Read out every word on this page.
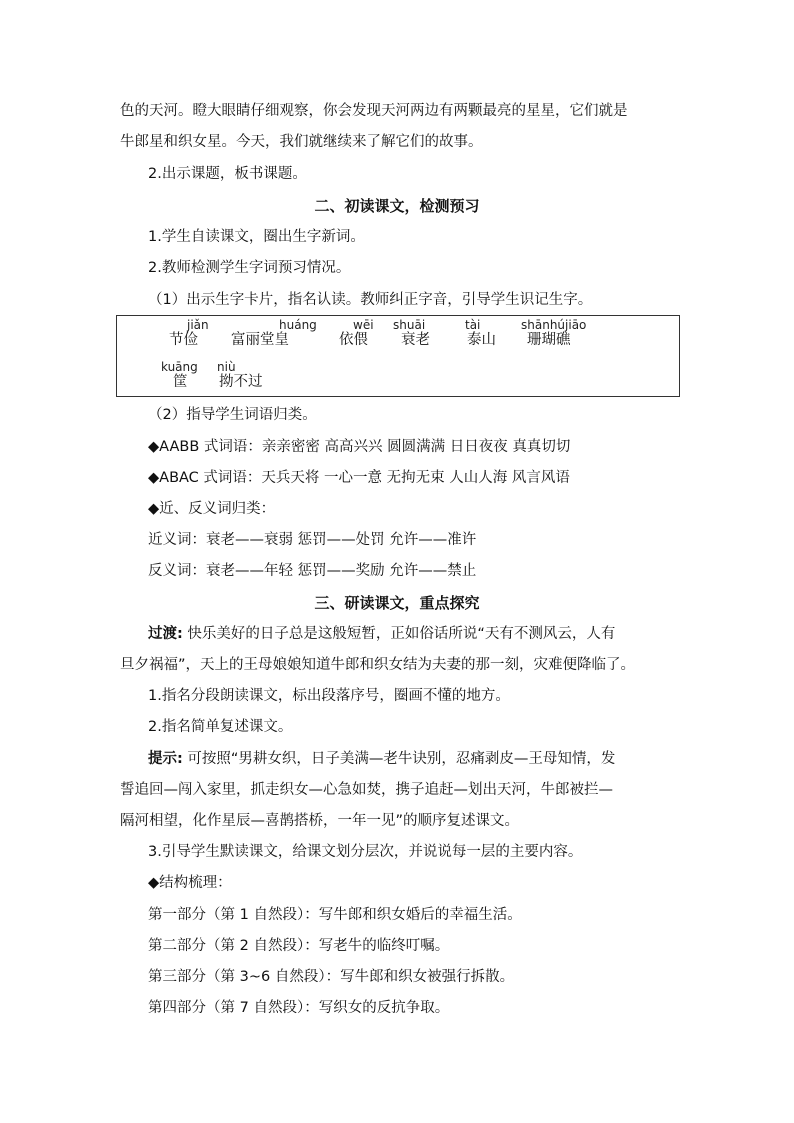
色的天河。瞪大眼睛仔细观察，你会发现天河两边有两颗最亮的星星，它们就是
牛郎星和织女星。今天，我们就继续来了解它们的故事。
2.出示课题，板书课题。
二、初读课文，检测预习
1.学生自读课文，圈出生字新词。
2.教师检测学生字词预习情况。
（1）出示生字卡片，指名认读。教师纠正字音，引导学生识记生字。
jiǎn
节俭
huáng
富丽堂皇
wēi
依偎
shuāi
衰老
tài
泰山
shānhújiāo
珊瑚礁
kuāng
筐
niù
拗不过
（2）指导学生词语归类。
◆AABB 式词语：亲亲密密 高高兴兴 圆圆满满 日日夜夜 真真切切
◆ABAC 式词语：天兵天将 一心一意 无拘无束 人山人海 风言风语
◆近、反义词归类：
近义词：衰老——衰弱 惩罚——处罚 允许——准许
反义词：衰老——年轻 惩罚——奖励 允许——禁止
三、研读课文，重点探究
过渡: 快乐美好的日子总是这般短暂，正如俗话所说“天有不测风云，人有
旦夕祸福”，天上的王母娘娘知道牛郎和织女结为夫妻的那一刻，灾难便降临了。
1.指名分段朗读课文，标出段落序号，圈画不懂的地方。
2.指名简单复述课文。
提示: 可按照“男耕女织，日子美满—老牛诀别，忍痛剥皮—王母知情，发
誓追回—闯入家里，抓走织女—心急如焚，携子追赶—划出天河，牛郎被拦—
隔河相望，化作星辰—喜鹊搭桥，一年一见”的顺序复述课文。
3.引导学生默读课文，给课文划分层次，并说说每一层的主要内容。
◆结构梳理：
第一部分（第 1 自然段）：写牛郎和织女婚后的幸福生活。
第二部分（第 2 自然段）：写老牛的临终叮嘱。
第三部分（第 3~6 自然段）：写牛郎和织女被强行拆散。
第四部分（第 7 自然段）：写织女的反抗争取。
